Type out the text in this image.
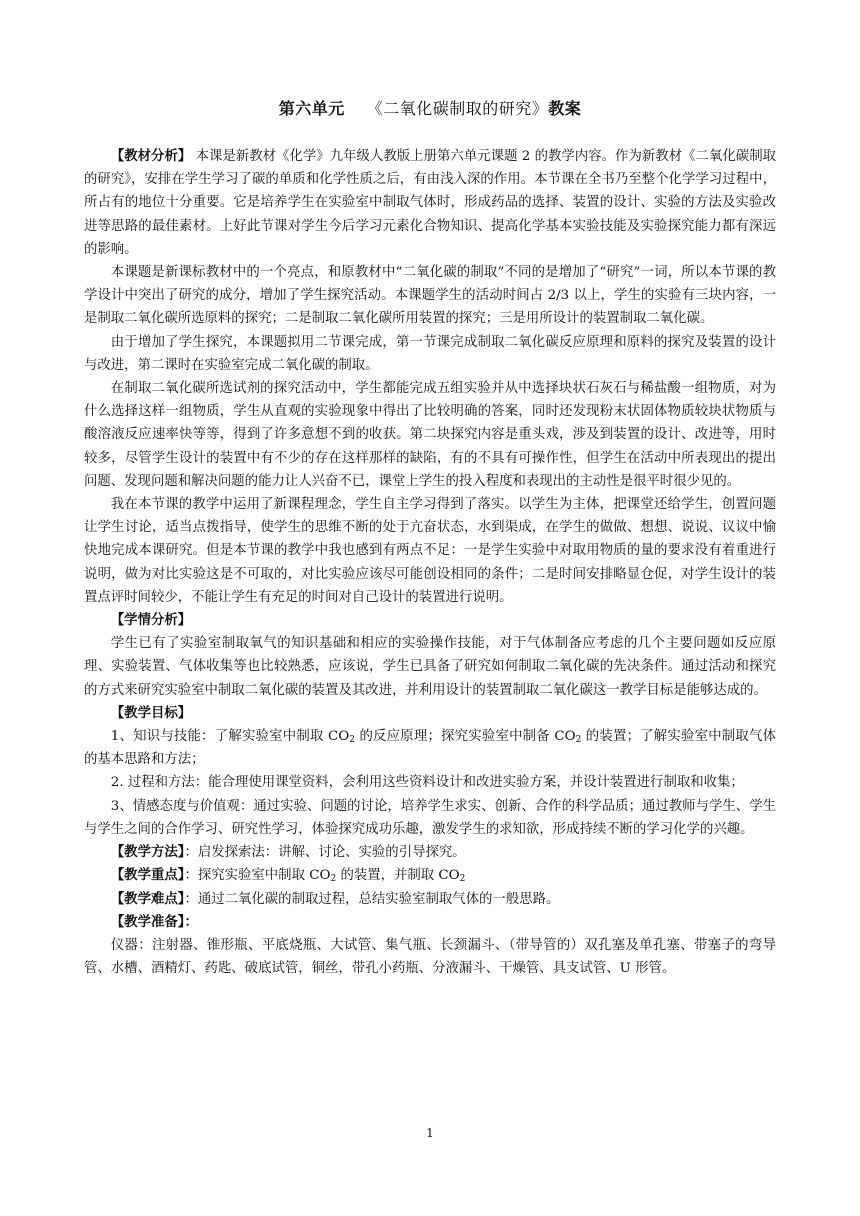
第六单元 《二氧化碳制取的研究》教案

【教材分析】 本课是新教材《化学》九年级人教版上册第六单元课题 2 的教学内容。作为新教材《二氧化碳制取的研究》，安排在学生学习了碳的单质和化学性质之后，有由浅入深的作用。本节课在全书乃至整个化学学习过程中，所占有的地位十分重要。它是培养学生在实验室中制取气体时，形成药品的选择、装置的设计、实验的方法及实验改进等思路的最佳素材。上好此节课对学生今后学习元素化合物知识、提高化学基本实验技能及实验探究能力都有深远的影响。

本课题是新课标教材中的一个亮点，和原教材中“二氧化碳的制取”不同的是增加了“研究”一词，所以本节课的教学设计中突出了研究的成分，增加了学生探究活动。本课题学生的活动时间占 2/3 以上，学生的实验有三块内容，一是制取二氧化碳所选原料的探究；二是制取二氧化碳所用装置的探究；三是用所设计的装置制取二氧化碳。

由于增加了学生探究，本课题拟用二节课完成，第一节课完成制取二氧化碳反应原理和原料的探究及装置的设计与改进，第二课时在实验室完成二氧化碳的制取。

在制取二氧化碳所选试剂的探究活动中，学生都能完成五组实验并从中选择块状石灰石与稀盐酸一组物质，对为什么选择这样一组物质，学生从直观的实验现象中得出了比较明确的答案，同时还发现粉末状固体物质较块状物质与酸溶液反应速率快等等，得到了许多意想不到的收获。第二块探究内容是重头戏，涉及到装置的设计、改进等，用时较多，尽管学生设计的装置中有不少的存在这样那样的缺陷，有的不具有可操作性，但学生在活动中所表现出的提出问题、发现问题和解决问题的能力让人兴奋不已，课堂上学生的投入程度和表现出的主动性是很平时很少见的。

我在本节课的教学中运用了新课程理念，学生自主学习得到了落实。以学生为主体，把课堂还给学生，创置问题让学生讨论，适当点拨指导，使学生的思维不断的处于亢奋状态，水到渠成，在学生的做做、想想、说说、议议中愉快地完成本课研究。但是本节课的教学中我也感到有两点不足：一是学生实验中对取用物质的量的要求没有着重进行说明，做为对比实验这是不可取的，对比实验应该尽可能创设相同的条件；二是时间安排略显仓促，对学生设计的装置点评时间较少，不能让学生有充足的时间对自己设计的装置进行说明。

【学情分析】

学生已有了实验室制取氧气的知识基础和相应的实验操作技能，对于气体制备应考虑的几个主要问题如反应原理、实验装置、气体收集等也比较熟悉，应该说，学生已具备了研究如何制取二氧化碳的先决条件。通过活动和探究的方式来研究实验室中制取二氧化碳的装置及其改进，并利用设计的装置制取二氧化碳这一教学目标是能够达成的。

【教学目标】

1、知识与技能：了解实验室中制取 $CO_2$ 的反应原理；探究实验室中制备 $CO_2$ 的装置；了解实验室中制取气体的基本思路和方法；

2. 过程和方法：能合理使用课堂资料，会利用这些资料设计和改进实验方案，并设计装置进行制取和收集；

3、情感态度与价值观：通过实验、问题的讨论，培养学生求实、创新、合作的科学品质；通过教师与学生、学生与学生之间的合作学习、研究性学习，体验探究成功乐趣，激发学生的求知欲，形成持续不断的学习化学的兴趣。

【教学方法】：启发探索法：讲解、讨论、实验的引导探究。

【教学重点】：探究实验室中制取 $CO_2$ 的装置，并制取 $CO_2$

【教学难点】：通过二氧化碳的制取过程，总结实验室制取气体的一般思路。

【教学准备】：

仪器：注射器、锥形瓶、平底烧瓶、大试管、集气瓶、长颈漏斗、（带导管的）双孔塞及单孔塞、带塞子的弯导管、水槽、酒精灯、药匙、破底试管，铜丝，带孔小药瓶、分液漏斗、干燥管、具支试管、U 形管。

1
